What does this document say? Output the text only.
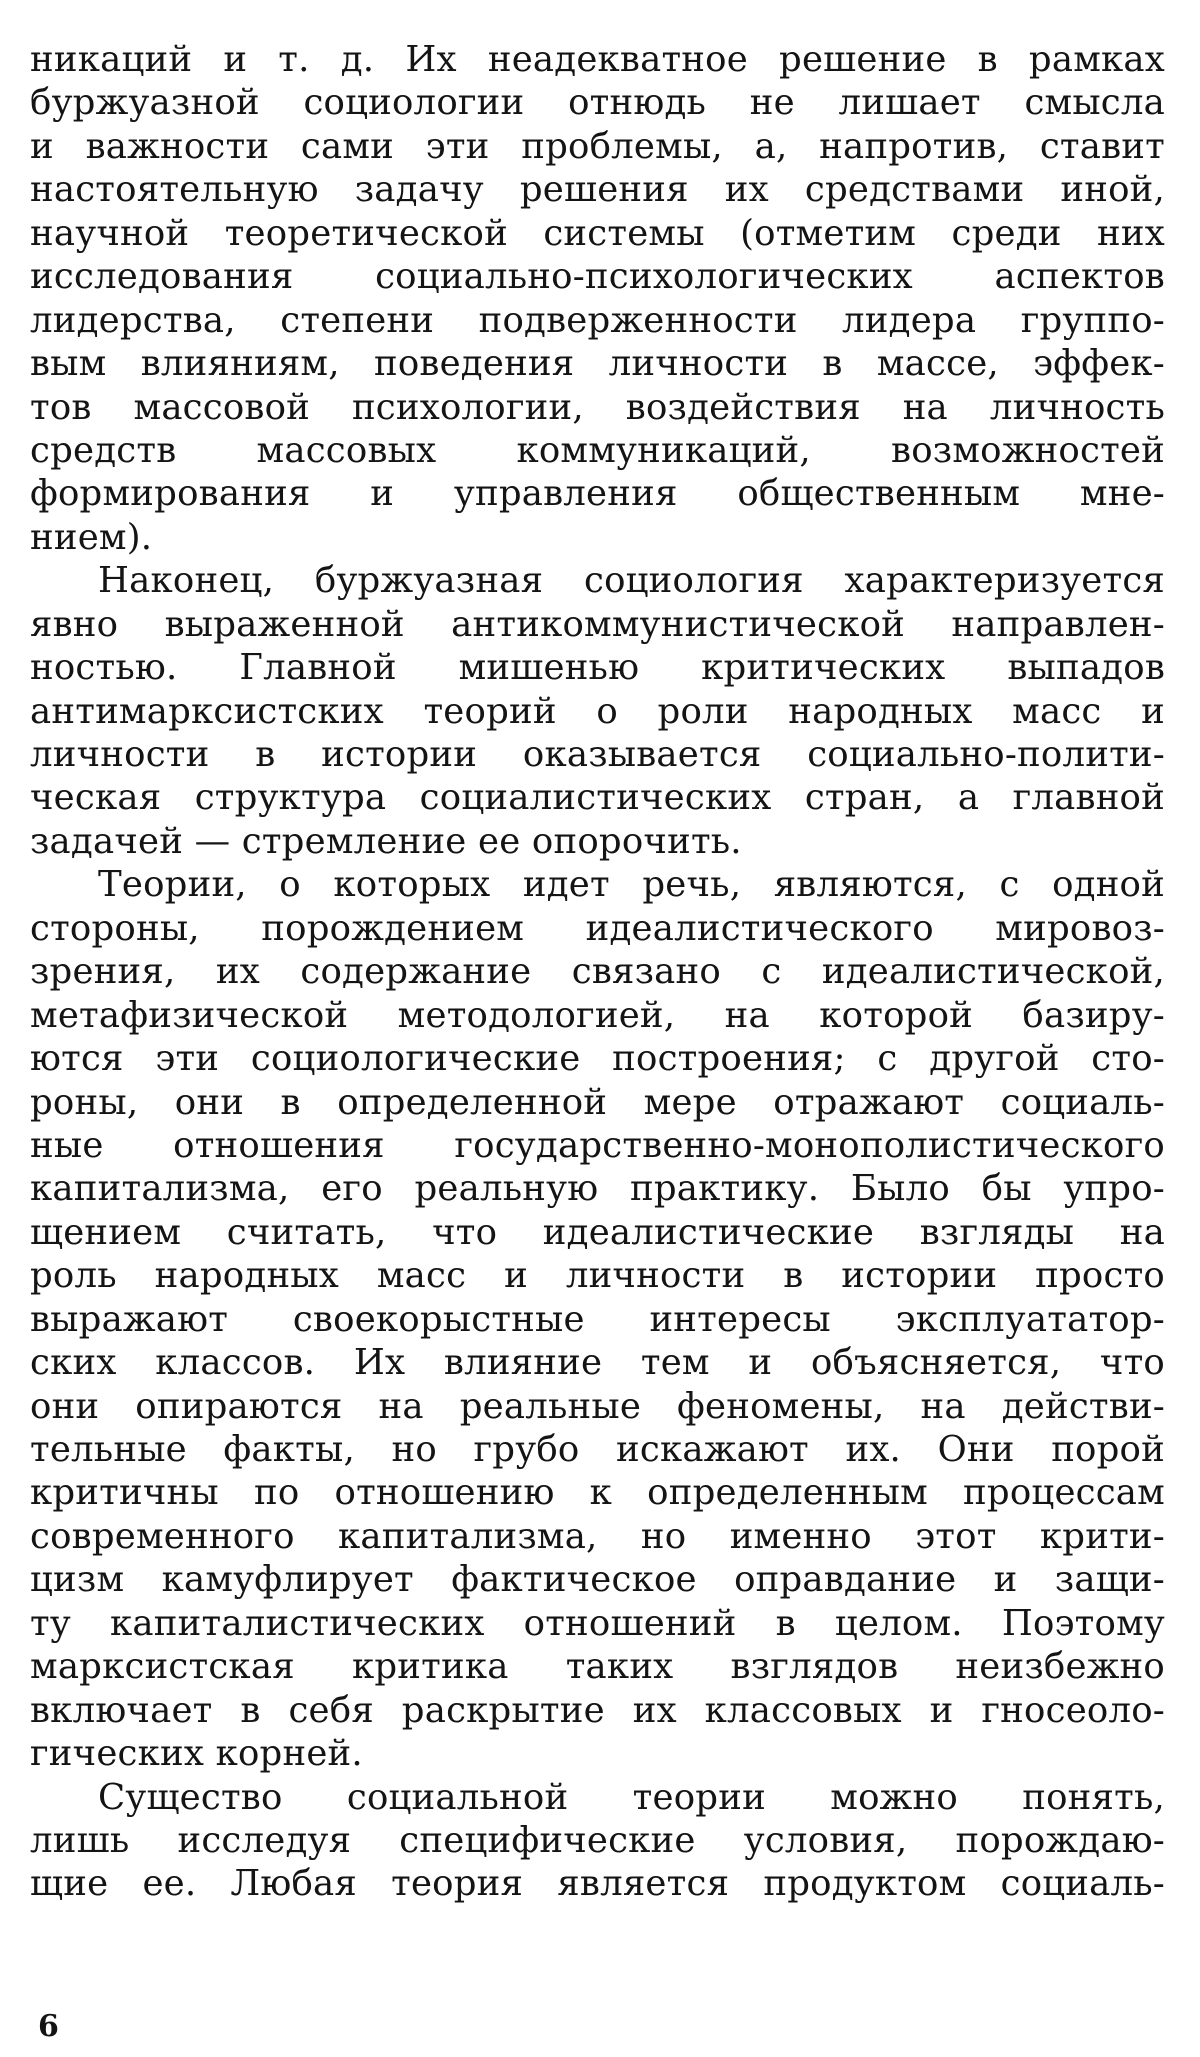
никаций и т. д. Их неадекватное решение в рамках
буржуазной социологии отнюдь не лишает смысла
и важности сами эти проблемы, а, напротив, ставит
настоятельную задачу решения их средствами иной,
научной теоретической системы (отметим среди них
исследования социально-психологических аспектов
лидерства, степени подверженности лидера группо-
вым влияниям, поведения личности в массе, эффек-
тов массовой психологии, воздействия на личность
средств массовых коммуникаций, возможностей
формирования и управления общественным мне-
нием).
Наконец, буржуазная социология характеризуется
явно выраженной антикоммунистической направлен-
ностью. Главной мишенью критических выпадов
антимарксистских теорий о роли народных масс и
личности в истории оказывается социально-полити-
ческая структура социалистических стран, а главной
задачей — стремление ее опорочить.
Теории, о которых идет речь, являются, с одной
стороны, порождением идеалистического мировоз-
зрения, их содержание связано с идеалистической,
метафизической методологией, на которой базиру-
ются эти социологические построения; с другой сто-
роны, они в определенной мере отражают социаль-
ные отношения государственно-монополистического
капитализма, его реальную практику. Было бы упро-
щением считать, что идеалистические взгляды на
роль народных масс и личности в истории просто
выражают своекорыстные интересы эксплуататор-
ских классов. Их влияние тем и объясняется, что
они опираются на реальные феномены, на действи-
тельные факты, но грубо искажают их. Они порой
критичны по отношению к определенным процессам
современного капитализма, но именно этот крити-
цизм камуфлирует фактическое оправдание и защи-
ту капиталистических отношений в целом. Поэтому
марксистская критика таких взглядов неизбежно
включает в себя раскрытие их классовых и гносеоло-
гических корней.
Существо социальной теории можно понять,
лишь исследуя специфические условия, порождаю-
щие ее. Любая теория является продуктом социаль-
6
